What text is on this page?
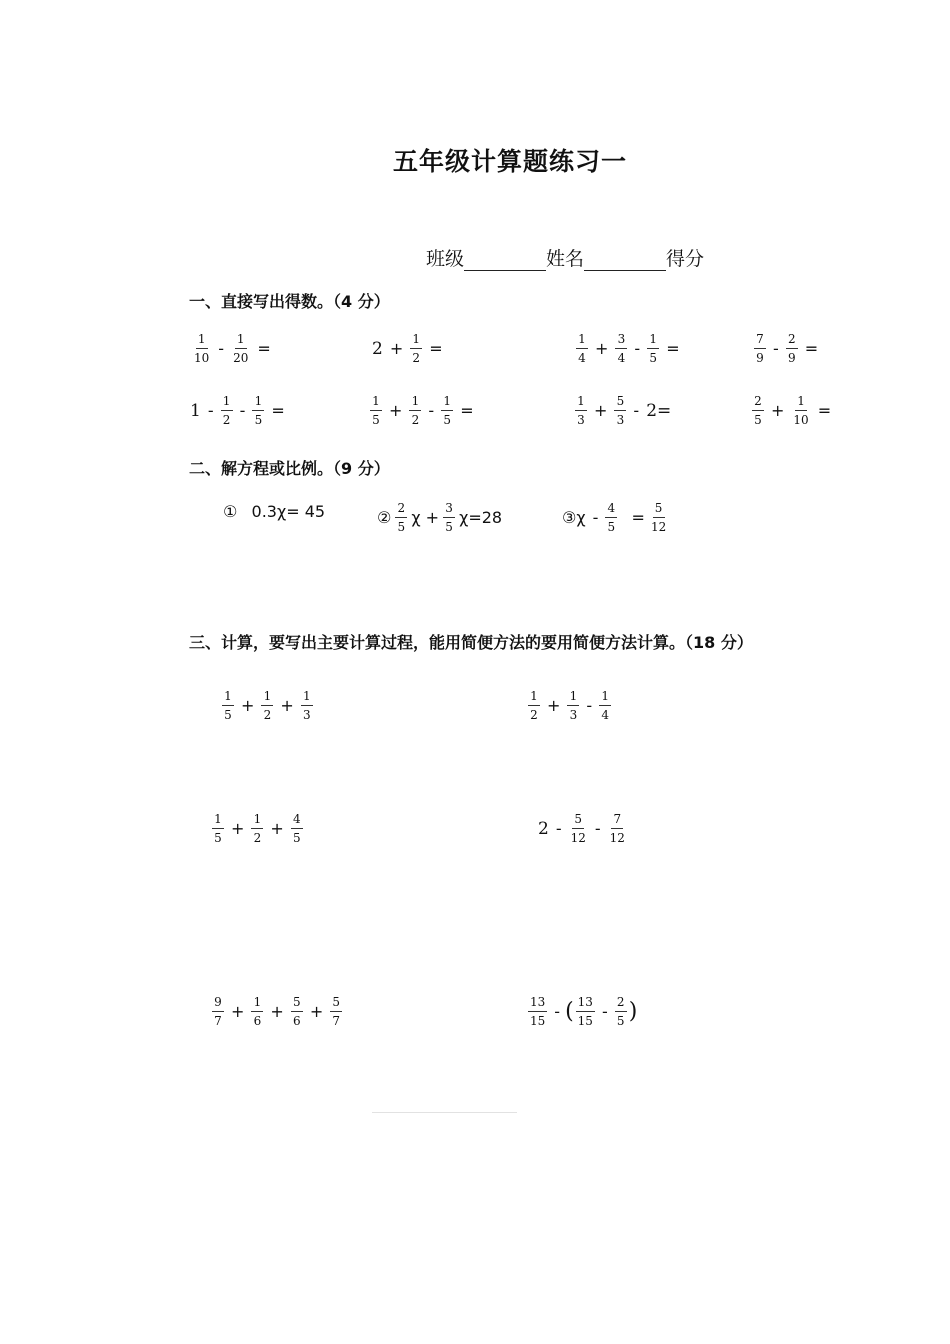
五年级计算题练习一
班级	姓名	得分
一、直接写出得数。（4 分）
$\frac{1}{10} - \frac{1}{20}$ =	$2 + \frac{1}{2}$ =	$\frac{1}{4} + \frac{3}{4} - \frac{1}{5}$ =	$\frac{7}{9} - \frac{2}{9}$ =
$1 - \frac{1}{2} - \frac{1}{5}$ =	$\frac{1}{5} + \frac{1}{2} - \frac{1}{5}$ =	$\frac{1}{3} + \frac{5}{3} - 2=$	$\frac{2}{5} + \frac{1}{10}$ =
二、解方程或比例。（9 分）
① 0.3χ= 45	② $\frac{2}{5}$ $\chi + \frac{3}{5} \chi=28$	③χ - $\frac{4}{5} = \frac{5}{12}$
三、计算，要写出主要计算过程，能用简便方法的要用简便方法计算。（18 分）
$\frac{1}{5} + \frac{1}{2} + \frac{1}{3}$	$\frac{1}{2} + \frac{1}{3} - \frac{1}{4}$
$\frac{1}{5} + \frac{1}{2} + \frac{4}{5}$	$2 - \frac{5}{12} - \frac{7}{12}$
$\frac{9}{7} + \frac{1}{6} + \frac{5}{6} + \frac{5}{7}$	$\frac{13}{15}$ - ( $\frac{13}{15} - \frac{2}{5}$ )
